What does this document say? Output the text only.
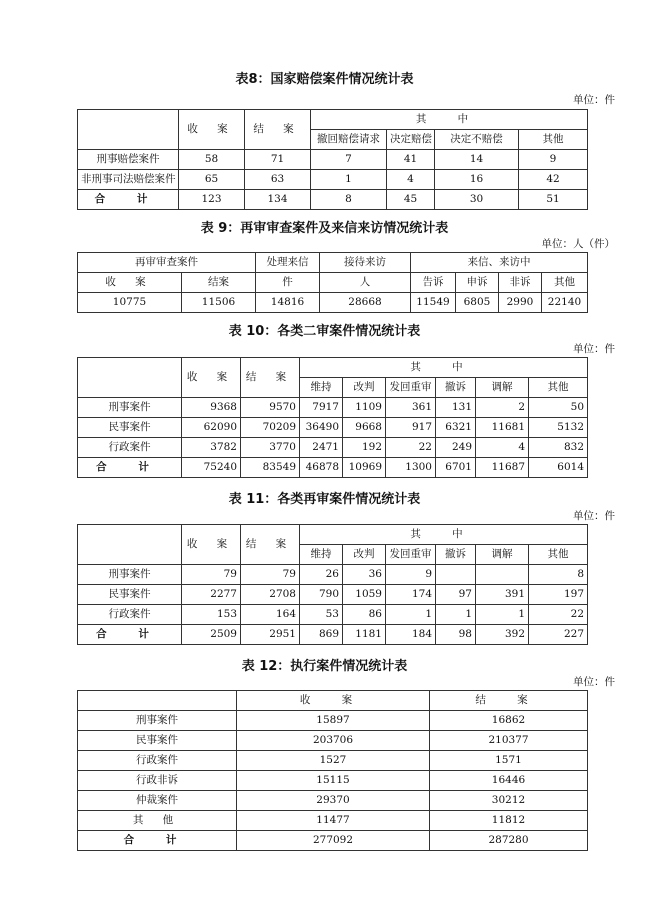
表8：国家赔偿案件情况统计表
单位：件
	收 案	结 案	其 中			
			撤回赔偿请求	决定赔偿	决定不赔偿	其他
刑事赔偿案件	58	71	7	41	14	9
非刑事司法赔偿案件	65	63	1	4	16	42
合 计	123	134	8	45	30	51
表 9：再审审查案件及来信来访情况统计表
单位：人（件）
再审审查案件		处理来信	接待来访	来信、来访中			
收 案	结案	件	人	告诉	申诉	非诉	其他
10775	11506	14816	28668	11549	6805	2990	22140
表 10：各类二审案件情况统计表
单位：件
	收 案	结 案	其 中					
			维持	改判	发回重审	撤诉	调解	其他
刑事案件	9368	9570	7917	1109	361	131	2	50
民事案件	62090	70209	36490	9668	917	6321	11681	5132
行政案件	3782	3770	2471	192	22	249	4	832
合 计	75240	83549	46878	10969	1300	6701	11687	6014
表 11：各类再审案件情况统计表
单位：件
	收 案	结 案	其 中					
			维持	改判	发回重审	撤诉	调解	其他
刑事案件	79	79	26	36	9			8
民事案件	2277	2708	790	1059	174	97	391	197
行政案件	153	164	53	86	1	1	1	22
合 计	2509	2951	869	1181	184	98	392	227
表 12：执行案件情况统计表
单位：件
	收 案	结 案
刑事案件	15897	16862
民事案件	203706	210377
行政案件	1527	1571
行政非诉	15115	16446
仲裁案件	29370	30212
其 他	11477	11812
合 计	277092	287280
